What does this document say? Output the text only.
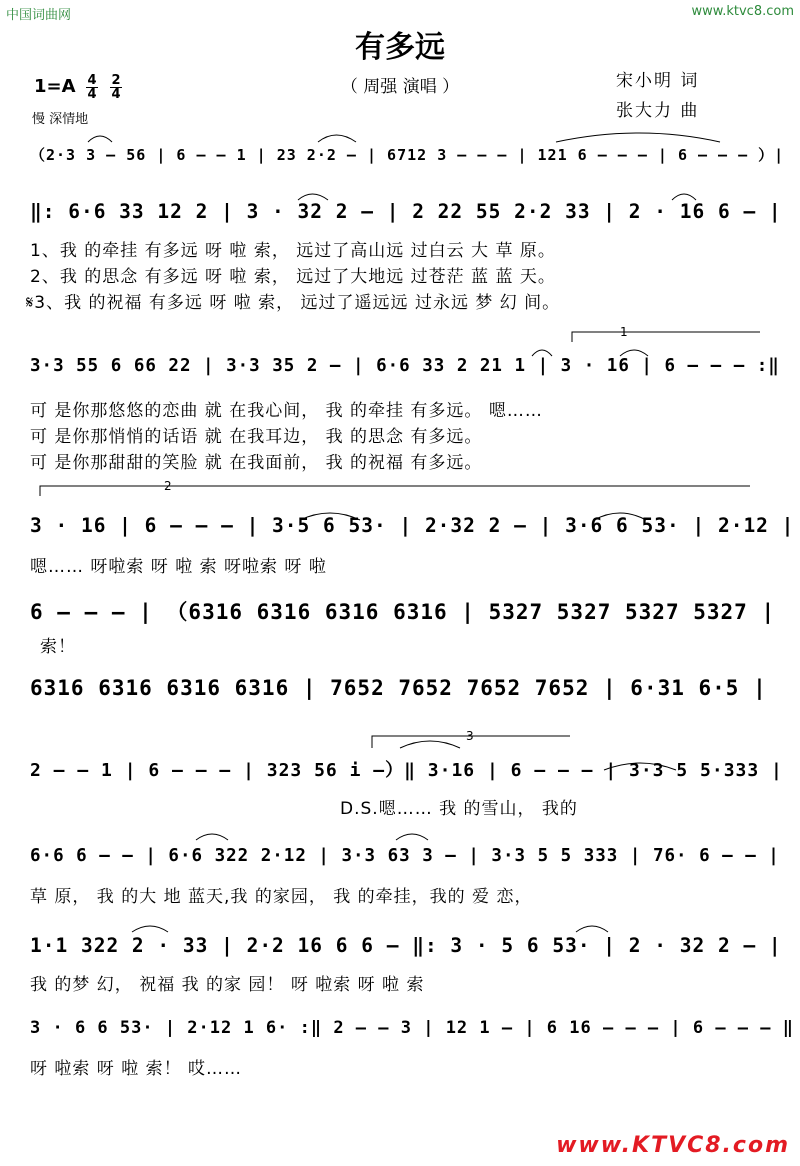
中国词曲网	www.ktvc8.com
有多远
（ 周强 演唱 ）	宋小明 词
张大力 曲
1=A 4
4
2
4
慢 深情地
1
2
3
（2·3 3 – 56 | 6 – – 1 | 23 2·2 – | 6712 3 – – – | 121 6 – – – | 6 – – – ）|
‖: 6·6 33 12 2 | 3 · 32 2 – | 2 22 55 2·2 33 | 2 · 16 6 – |
1、我 的牵挂 有多远 呀 啦 索， 远过了高山远 过白云 大 草 原。
2、我 的思念 有多远 呀 啦 索， 远过了大地远 过苍茫 蓝 蓝 天。
𝄋3、我 的祝福 有多远 呀 啦 索， 远过了遥远远 过永远 梦 幻 间。
3·3 55 6 66 22 | 3·3 35 2 – | 6·6 33 2 21 1 | 3 · 16 | 6 – – – :‖
可 是你那悠悠的恋曲 就 在我心间， 我 的牵挂 有多远。 嗯……
可 是你那悄悄的话语 就 在我耳边， 我 的思念 有多远。
可 是你那甜甜的笑脸 就 在我面前， 我 的祝福 有多远。
3 · 16 | 6 – – – | 3·5 6 53· | 2·32 2 – | 3·6 6 53· | 2·12 |
嗯…… 呀啦索 呀 啦 索 呀啦索 呀 啦
6 – – – | （6316 6316 6316 6316 | 5327 5327 5327 5327 |
索！
6316 6316 6316 6316 | 7652 7652 7652 7652 | 6·31 6·5 |
2 – – 1 | 6 – – – | 323 56 i –）‖ 3·16 | 6 – – – | 3·3 5 5·333 |
D.S.嗯…… 我 的雪山， 我的
6·6 6 – – | 6·6 322 2·12 | 3·3 63 3 – | 3·3 5 5 333 | 76· 6 – – |
草 原， 我 的大 地 蓝天,我 的家园， 我 的牵挂，我的 爱 恋，
1·1 322 2 · 33 | 2·2 16 6 6 – ‖: 3 · 5 6 53· | 2 · 32 2 – |
我 的梦 幻， 祝福 我 的家 园！ 呀 啦索 呀 啦 索
3 · 6 6 53· | 2·12 1 6· :‖ 2 – – 3 | 12 1 – | 6 16 – – – | 6 – – – ‖
呀 啦索 呀 啦 索！ 哎……
www.KTVC8.com
